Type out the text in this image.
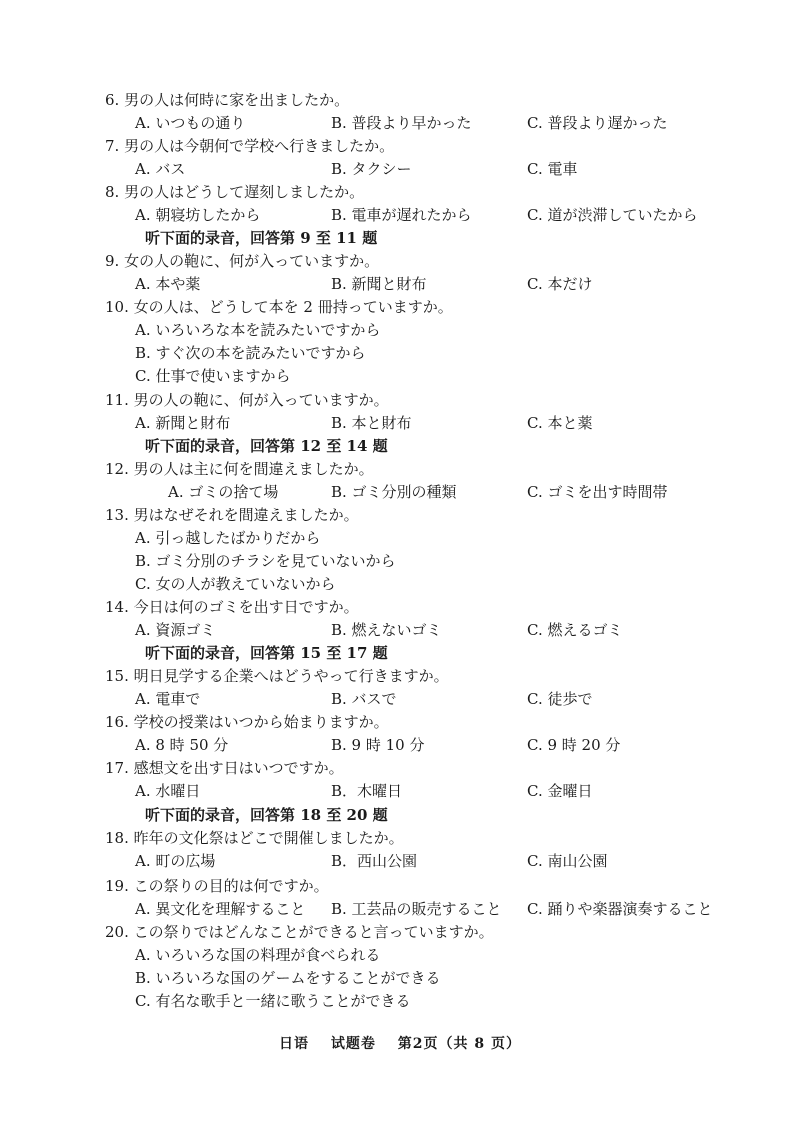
6. 男の人は何時に家を出ましたか。
A. いつもの通り	B. 普段より早かった	C. 普段より遅かった
7. 男の人は今朝何で学校へ行きましたか。
A. バス	B. タクシー	C. 電車
8. 男の人はどうして遅刻しましたか。
A. 朝寝坊したから	B. 電車が遅れたから	C. 道が渋滞していたから
听下面的录音，回答第 9 至 11 题
9. 女の人の鞄に、何が入っていますか。
A. 本や薬	B. 新聞と財布	C. 本だけ
10. 女の人は、どうして本を 2 冊持っていますか。
A. いろいろな本を読みたいですから
B. すぐ次の本を読みたいですから
C. 仕事で使いますから
11. 男の人の鞄に、何が入っていますか。
A. 新聞と財布	B. 本と財布	C. 本と薬
听下面的录音，回答第 12 至 14 题
12. 男の人は主に何を間違えましたか。
A. ゴミの捨て場	B. ゴミ分別の種類	C. ゴミを出す時間帯
13. 男はなぜそれを間違えましたか。
A. 引っ越したばかりだから
B. ゴミ分別のチラシを見ていないから
C. 女の人が教えていないから
14. 今日は何のゴミを出す日ですか。
A. 資源ゴミ	B. 燃えないゴミ	C. 燃えるゴミ
听下面的录音，回答第 15 至 17 题
15. 明日見学する企業へはどうやって行きますか。
A. 電車で	B. バスで	C. 徒歩で
16. 学校の授業はいつから始まりますか。
A. 8 時 50 分	B. 9 時 10 分	C. 9 時 20 分
17. 感想文を出す日はいつですか。
A. 水曜日	B．木曜日	C. 金曜日
听下面的录音，回答第 18 至 20 题
18. 昨年の文化祭はどこで開催しましたか。
A. 町の広場	B．西山公園	C. 南山公園
19. この祭りの目的は何ですか。
A. 異文化を理解すること B. 工芸品の販売すること C. 踊りや楽器演奏すること
20. この祭りではどんなことができると言っていますか。
A. いろいろな国の料理が食べられる
B. いろいろな国のゲームをすることができる
C. 有名な歌手と一緒に歌うことができる
日语 试题卷 第2页（共 8 页）
